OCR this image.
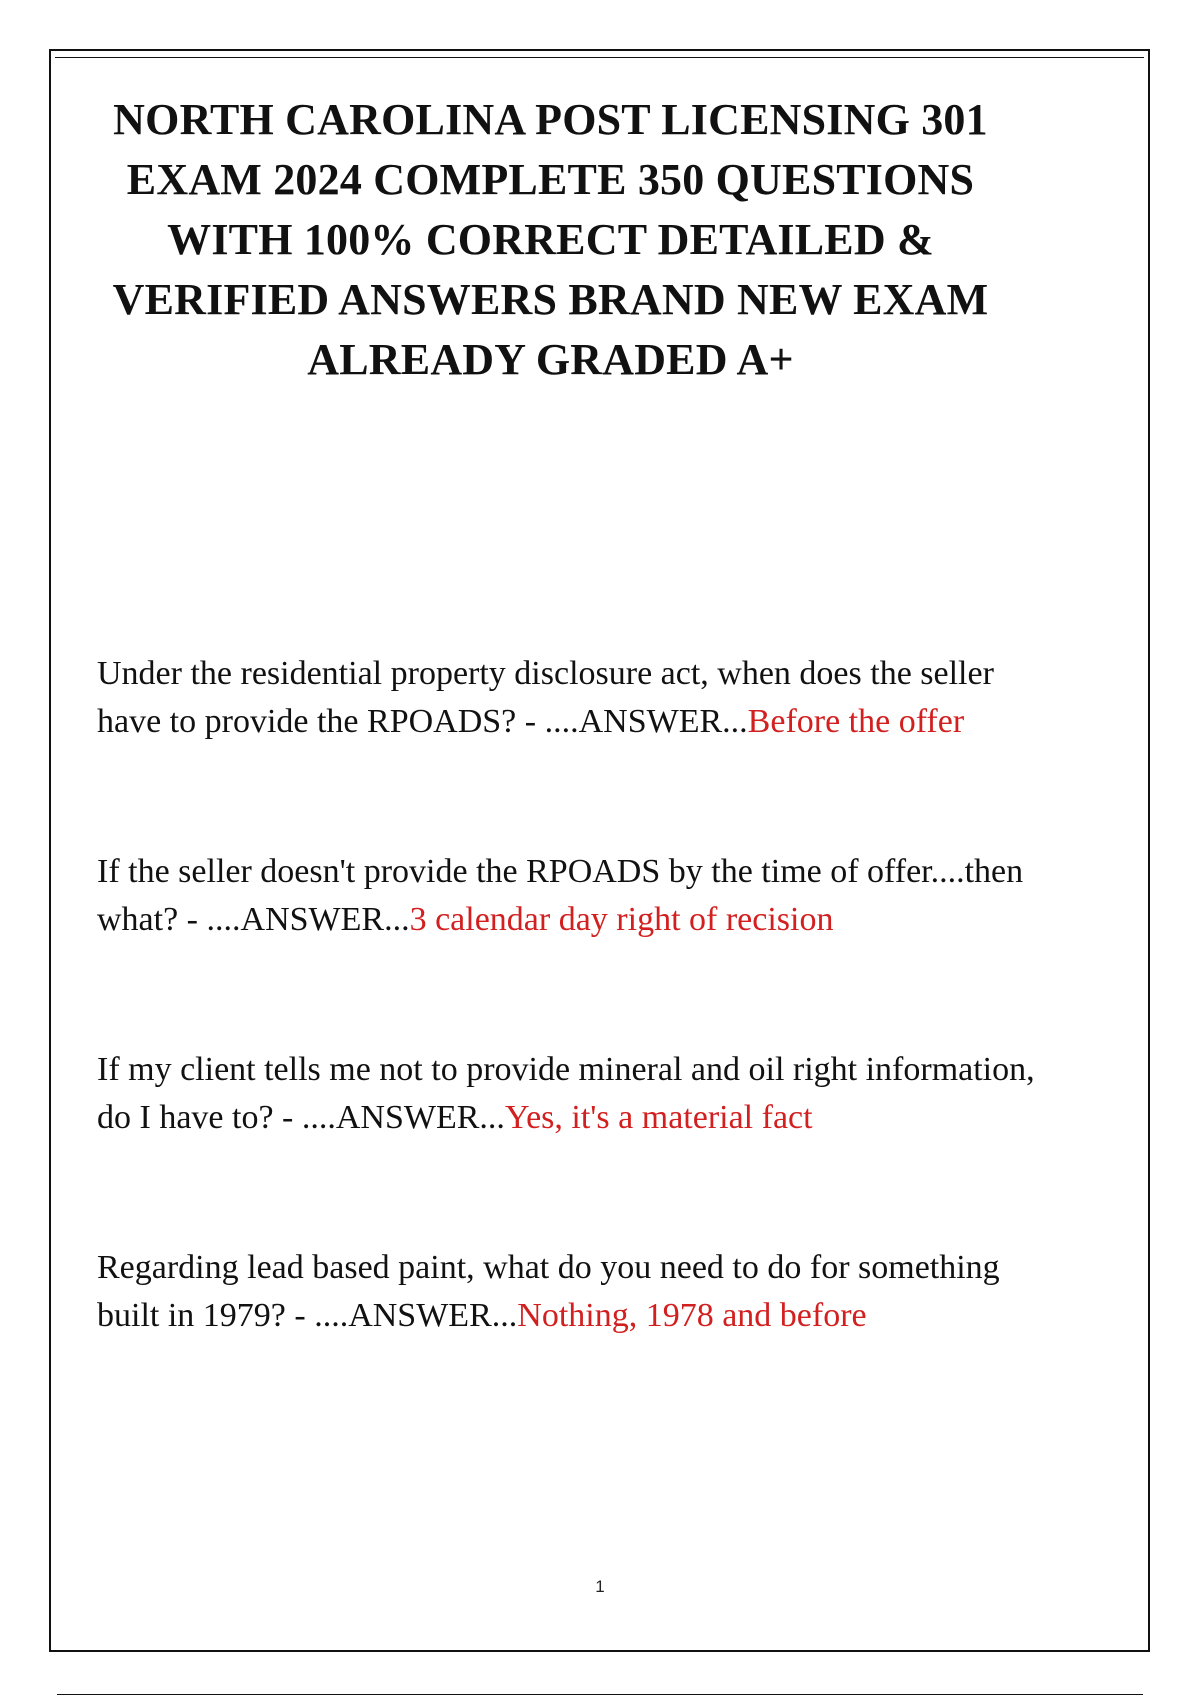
NORTH CAROLINA POST LICENSING 301 EXAM 2024 COMPLETE 350 QUESTIONS WITH 100% CORRECT DETAILED & VERIFIED ANSWERS BRAND NEW EXAM ALREADY GRADED A+

Under the residential property disclosure act, when does the seller have to provide the RPOADS? - ....ANSWER...Before the offer

If the seller doesn't provide the RPOADS by the time of offer....then what? - ....ANSWER...3 calendar day right of recision

If my client tells me not to provide mineral and oil right information, do I have to? - ....ANSWER...Yes, it's a material fact

Regarding lead based paint, what do you need to do for something built in 1979? - ....ANSWER...Nothing, 1978 and before

1
